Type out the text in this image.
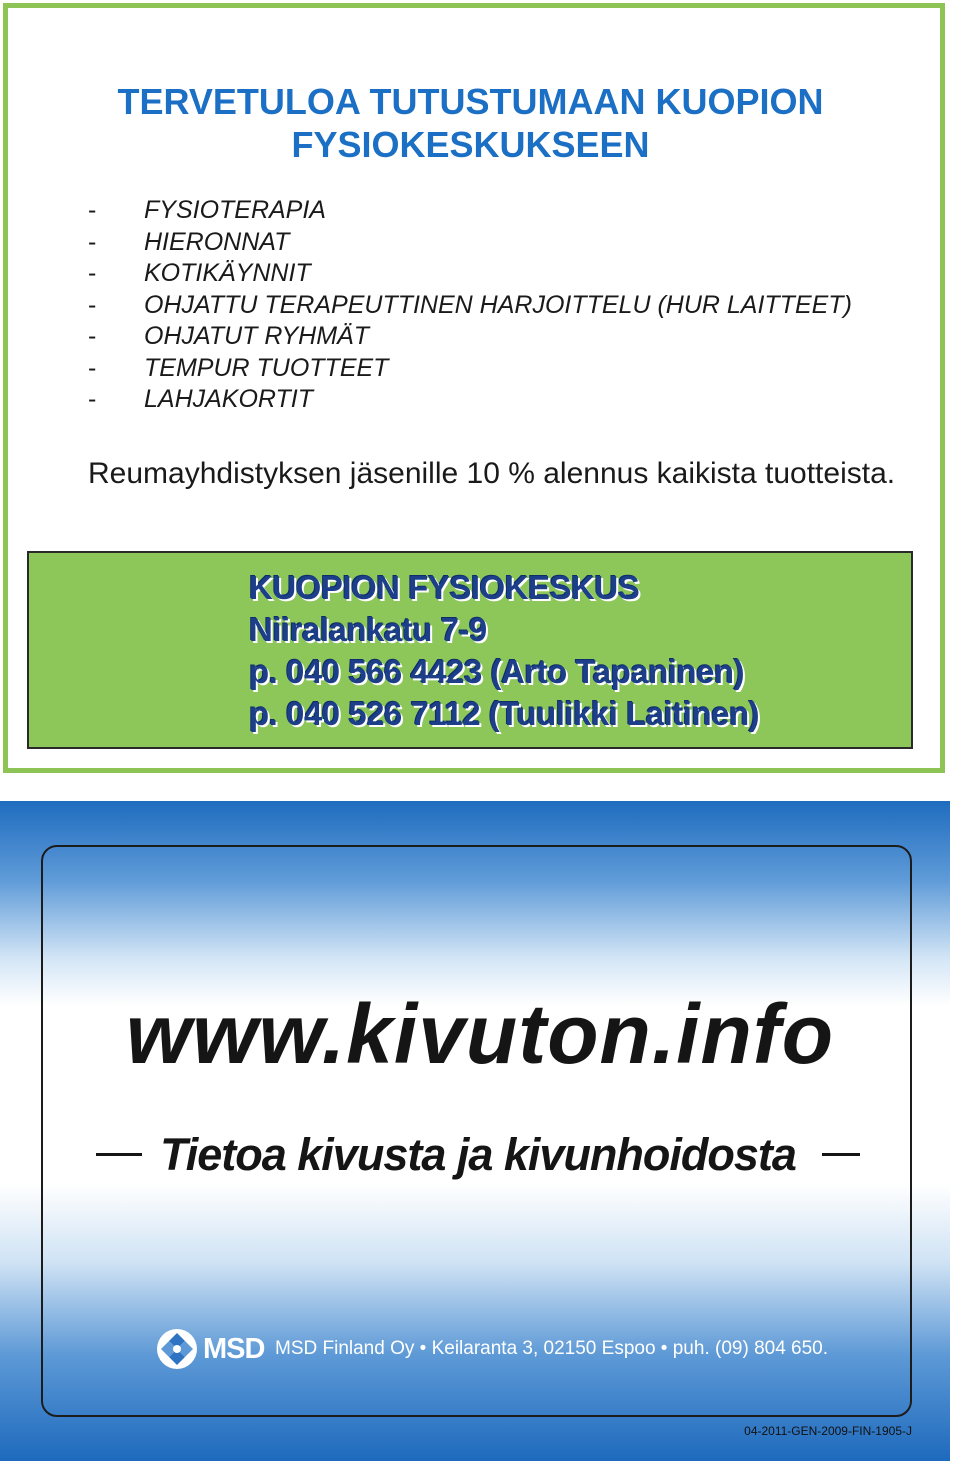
TERVETULOA TUTUSTUMAAN KUOPION
FYSIOKESKUKSEEN
- FYSIOTERAPIA
- HIERONNAT
- KOTIKÄYNNIT
- OHJATTU TERAPEUTTINEN HARJOITTELU (HUR LAITTEET)
- OHJATUT RYHMÄT
- TEMPUR TUOTTEET
- LAHJAKORTIT
Reumayhdistyksen jäsenille 10 % alennus kaikista tuotteista.
KUOPION FYSIOKESKUS
Niiralankatu 7-9
p. 040 566 4423 (Arto Tapaninen)
p. 040 526 7112 (Tuulikki Laitinen)
www.kivuton.info
Tietoa kivusta ja kivunhoidosta
MSD MSD Finland Oy • Keilaranta 3, 02150 Espoo • puh. (09) 804 650.
04-2011-GEN-2009-FIN-1905-J
